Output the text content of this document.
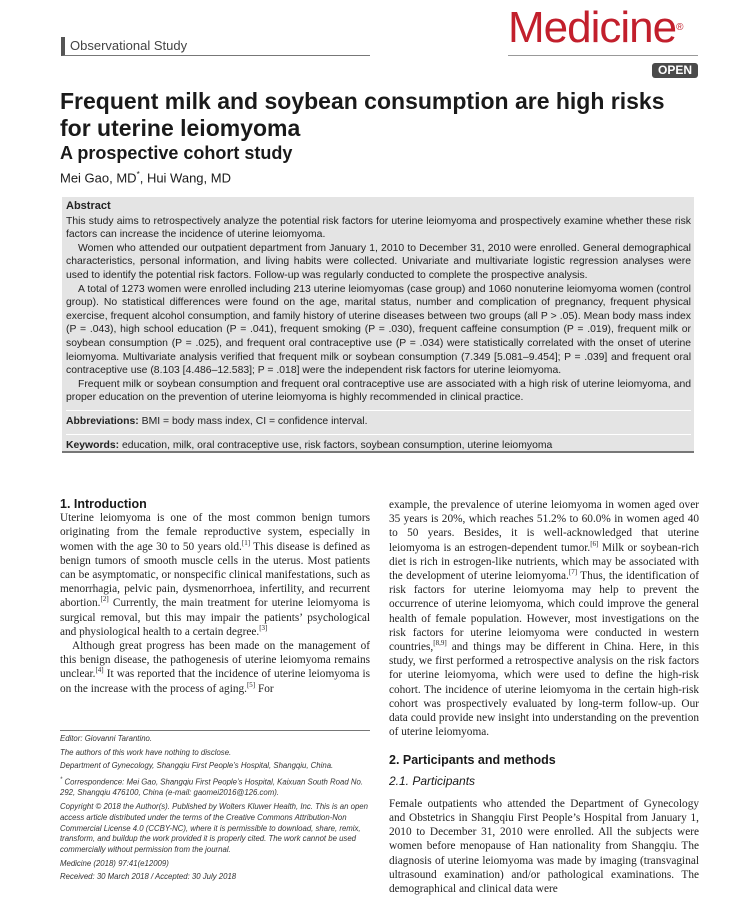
Observational Study	Medicine®
OPEN
Frequent milk and soybean consumption are high risks for uterine leiomyoma
A prospective cohort study
Mei Gao, MD*, Hui Wang, MD

Abstract

This study aims to retrospectively analyze the potential risk factors for uterine leiomyoma and prospectively examine whether these risk factors can increase the incidence of uterine leiomyoma.

Women who attended our outpatient department from January 1, 2010 to December 31, 2010 were enrolled. General demographical characteristics, personal information, and living habits were collected. Univariate and multivariate logistic regression analyses were used to identify the potential risk factors. Follow-up was regularly conducted to complete the prospective analysis.

A total of 1273 women were enrolled including 213 uterine leiomyomas (case group) and 1060 nonuterine leiomyoma women (control group). No statistical differences were found on the age, marital status, number and complication of pregnancy, frequent physical exercise, frequent alcohol consumption, and family history of uterine diseases between two groups (all P > .05). Mean body mass index (P = .043), high school education (P = .041), frequent smoking (P = .030), frequent caffeine consumption (P = .019), frequent milk or soybean consumption (P = .025), and frequent oral contraceptive use (P = .034) were statistically correlated with the onset of uterine leiomyoma. Multivariate analysis verified that frequent milk or soybean consumption (7.349 [5.081–9.454]; P = .039] and frequent oral contraceptive use (8.103 [4.486–12.583]; P = .018] were the independent risk factors for uterine leiomyoma.

Frequent milk or soybean consumption and frequent oral contraceptive use are associated with a high risk of uterine leiomyoma, and proper education on the prevention of uterine leiomyoma is highly recommended in clinical practice.

Abbreviations: BMI = body mass index, CI = confidence interval.

Keywords: education, milk, oral contraceptive use, risk factors, soybean consumption, uterine leiomyoma

1. Introduction

Uterine leiomyoma is one of the most common benign tumors originating from the female reproductive system, especially in women with the age 30 to 50 years old.[1] This disease is defined as benign tumors of smooth muscle cells in the uterus. Most patients can be asymptomatic, or nonspecific clinical manifestations, such as menorrhagia, pelvic pain, dysmenorrhoea, infertility, and recurrent abortion.[2] Currently, the main treatment for uterine leiomyoma is surgical removal, but this may impair the patients’ psychological and physiological health to a certain degree.[3]

Although great progress has been made on the management of this benign disease, the pathogenesis of uterine leiomyoma remains unclear.[4] It was reported that the incidence of uterine leiomyoma is on the increase with the process of aging.[5] For

Editor: Giovanni Tarantino.

The authors of this work have nothing to disclose.

Department of Gynecology, Shangqiu First People’s Hospital, Shangqiu, China.

* Correspondence: Mei Gao, Shangqiu First People’s Hospital, Kaixuan South Road No. 292, Shangqiu 476100, China (e-mail: gaomei2016@126.com).

Copyright © 2018 the Author(s). Published by Wolters Kluwer Health, Inc. This is an open access article distributed under the terms of the Creative Commons Attribution-Non Commercial License 4.0 (CCBY-NC), where it is permissible to download, share, remix, transform, and buildup the work provided it is properly cited. The work cannot be used commercially without permission from the journal.

Medicine (2018) 97:41(e12009)

Received: 30 March 2018 / Accepted: 30 July 2018

example, the prevalence of uterine leiomyoma in women aged over 35 years is 20%, which reaches 51.2% to 60.0% in women aged 40 to 50 years. Besides, it is well-acknowledged that uterine leiomyoma is an estrogen-dependent tumor.[6] Milk or soybean-rich diet is rich in estrogen-like nutrients, which may be associated with the development of uterine leiomyoma.[7] Thus, the identification of risk factors for uterine leiomyoma may help to prevent the occurrence of uterine leiomyoma, which could improve the general health of female population. However, most investigations on the risk factors for uterine leiomyoma were conducted in western countries,[8,9] and things may be different in China. Here, in this study, we first performed a retrospective analysis on the risk factors for uterine leiomyoma, which were used to define the high-risk cohort. The incidence of uterine leiomyoma in the certain high-risk cohort was prospectively evaluated by long-term follow-up. Our data could provide new insight into understanding on the prevention of uterine leiomyoma.

2. Participants and methods

2.1. Participants

Female outpatients who attended the Department of Gynecology and Obstetrics in Shangqiu First People’s Hospital from January 1, 2010 to December 31, 2010 were enrolled. All the subjects were women before menopause of Han nationality from Shangqiu. The diagnosis of uterine leiomyoma was made by imaging (transvaginal ultrasound examination) and/or pathological examinations. The demographical and clinical data were
